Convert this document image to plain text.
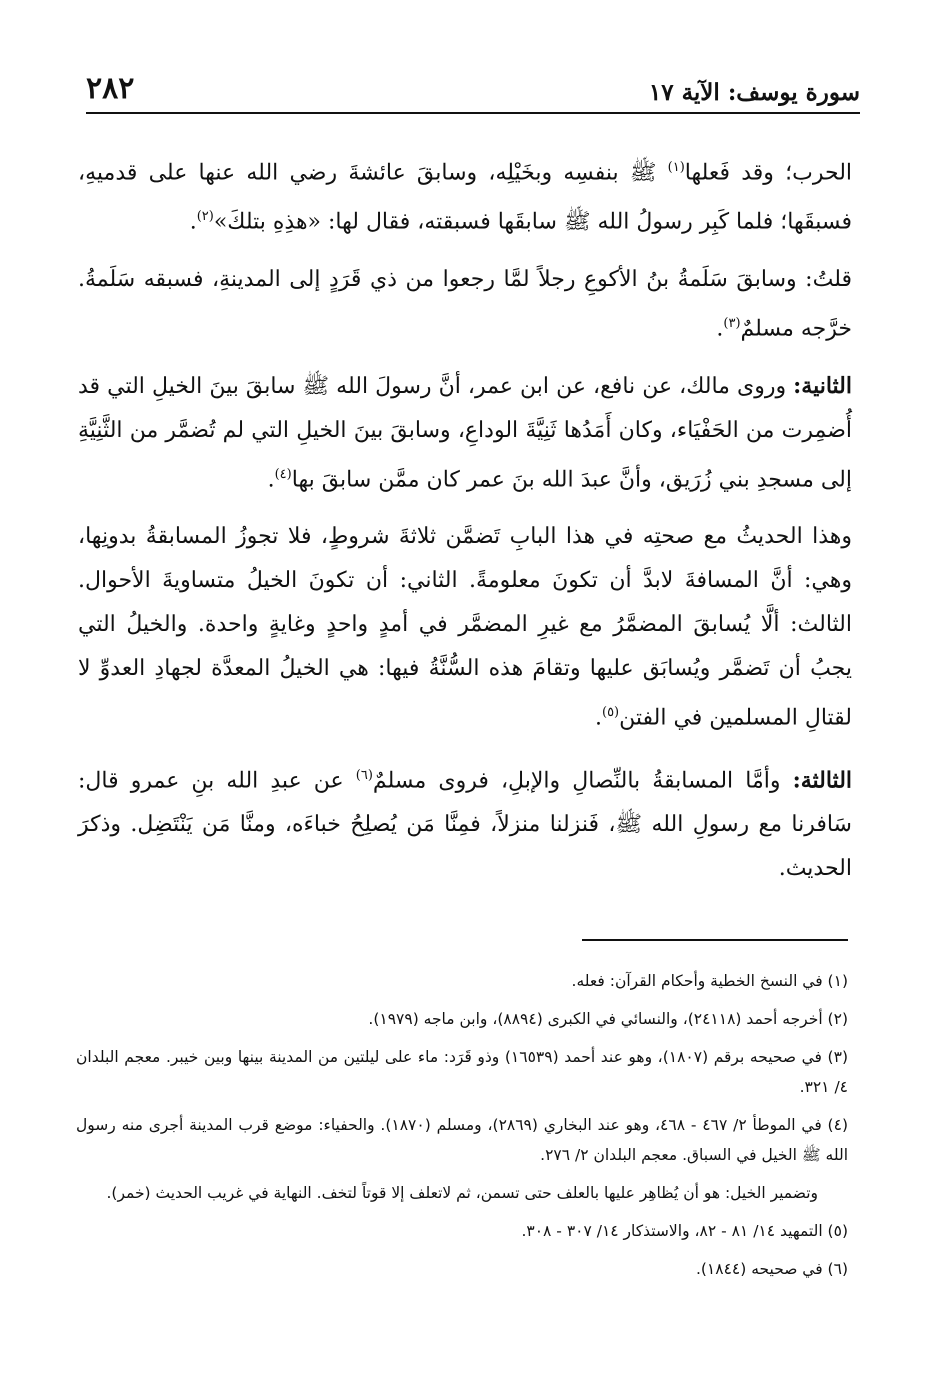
٢٨٢	سورة يوسف: الآية ١٧

الحرب؛ وقد فَعلها$^{(١)}$ ﷺ بنفسِه وبخَيْلِه، وسابقَ عائشةَ رضي الله عنها على قدميهِ، فسبقَها؛ فلما كَبِر رسولُ الله ﷺ سابقَها فسبقته، فقال لها: «هذِهِ بتلكَ»$^{(٢)}$.

قلتُ: وسابقَ سَلَمةُ بنُ الأكوعِ رجلاً لمَّا رجعوا من ذي قَرَدٍ إلى المدينةِ، فسبقه سَلَمةُ. خرَّجه مسلمٌ$^{(٣)}$.

الثانية: وروى مالك، عن نافع، عن ابن عمر، أنَّ رسولَ الله ﷺ سابقَ بينَ الخيلِ التي قد أُضمِرت من الحَفْيَاء، وكان أَمَدُها ثَنِيَّةَ الوداعِ، وسابقَ بينَ الخيلِ التي لم تُضمَّر من الثَّنِيَّةِ إلى مسجدِ بني زُرَيق، وأنَّ عبدَ الله بنَ عمر كان ممَّن سابقَ بها$^{(٤)}$.

وهذا الحديثُ مع صحتِه في هذا البابِ تَضمَّن ثلاثةَ شروطٍ، فلا تجوزُ المسابقةُ بدونِها، وهي: أنَّ المسافةَ لابدَّ أن تكونَ معلومةً. الثاني: أن تكونَ الخيلُ متساويةَ الأحوال. الثالث: ألَّا يُسابقَ المضمَّرُ مع غيرِ المضمَّر في أمدٍ واحدٍ وغايةٍ واحدة. والخيلُ التي يجبُ أن تَضمَّر ويُسابَق عليها وتقامَ هذه السُّنَّةُ فيها: هي الخيلُ المعدَّة لجهادِ العدوِّ لا لقتالِ المسلمين في الفتن$^{(٥)}$.

الثالثة: وأمَّا المسابقةُ بالنِّصالِ والإبلِ، فروى مسلمٌ$^{(٦)}$ عن عبدِ الله بنِ عمرو قال: سَافرنا مع رسولِ الله ﷺ، فَنزلنا منزلاً، فمِنَّا مَن يُصلِحُ خباءَه، ومنَّا مَن يَنْتَضِل. وذكرَ الحديث.

(١) في النسخ الخطية وأحكام القرآن: فعله.

(٢) أخرجه أحمد (٢٤١١٨)، والنسائي في الكبرى (٨٨٩٤)، وابن ماجه (١٩٧٩).

(٣) في صحيحه برقم (١٨٠٧)، وهو عند أحمد (١٦٥٣٩) وذو قَرَد: ماء على ليلتين من المدينة بينها وبين خيبر. معجم البلدان ٤/ ٣٢١.

(٤) في الموطأ ٢/ ٤٦٧ - ٤٦٨، وهو عند البخاري (٢٨٦٩)، ومسلم (١٨٧٠). والحفياء: موضع قرب المدينة أجرى منه رسول الله ﷺ الخيل في السباق. معجم البلدان ٢/ ٢٧٦.

وتضمير الخيل: هو أن يُظاهِر عليها بالعلف حتى تسمن، ثم لاتعلف إلا قوتاً لتخف. النهاية في غريب الحديث (خمر).

(٥) التمهيد ١٤/ ٨١ - ٨٢، والاستذكار ١٤/ ٣٠٧ - ٣٠٨.

(٦) في صحيحه (١٨٤٤).
